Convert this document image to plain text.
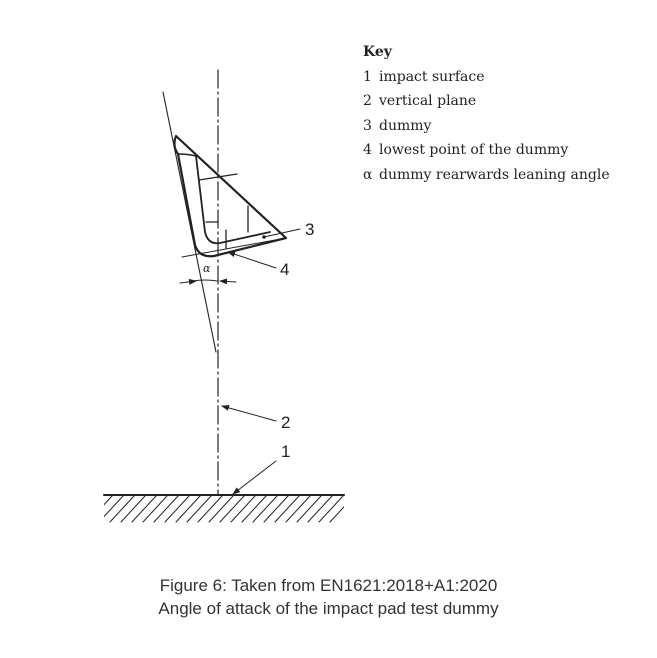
α
3
4
2
1
Key
1 impact surface
2 vertical plane
3 dummy
4 lowest point of the dummy
α dummy rearwards leaning angle
Figure 6: Taken from EN1621:2018+A1:2020
Angle of attack of the impact pad test dummy
